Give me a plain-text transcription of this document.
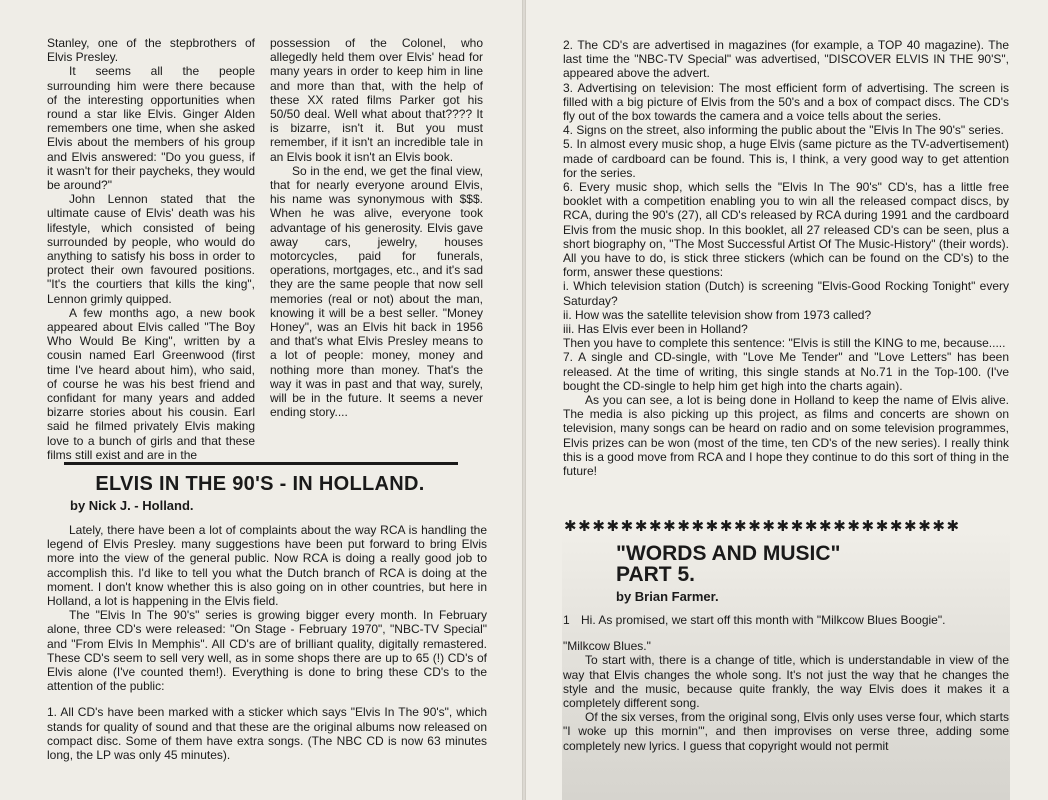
Stanley, one of the stepbrothers of Elvis Presley.

It seems all the people surrounding him were there because of the interesting opportunities when round a star like Elvis. Ginger Alden remembers one time, when she asked Elvis about the members of his group and Elvis answered: "Do you guess, if it wasn't for their paycheks, they would be around?"

John Lennon stated that the ultimate cause of Elvis' death was his lifestyle, which consisted of being surrounded by people, who would do anything to satisfy his boss in order to protect their own favoured positions. "It's the courtiers that kills the king", Lennon grimly quipped.

A few months ago, a new book appeared about Elvis called "The Boy Who Would Be King", written by a cousin named Earl Greenwood (first time I've heard about him), who said, of course he was his best friend and confidant for many years and added bizarre stories about his cousin. Earl said he filmed privately Elvis making love to a bunch of girls and that these films still exist and are in the

possession of the Colonel, who allegedly held them over Elvis' head for many years in order to keep him in line and more than that, with the help of these XX rated films Parker got his 50/50 deal. Well what about that???? It is bizarre, isn't it. But you must remember, if it isn't an incredible tale in an Elvis book it isn't an Elvis book.

So in the end, we get the final view, that for nearly everyone around Elvis, his name was synonymous with $$$. When he was alive, everyone took advantage of his generosity. Elvis gave away cars, jewelry, houses motorcycles, paid for funerals, operations, mortgages, etc., and it's sad they are the same people that now sell memories (real or not) about the man, knowing it will be a best seller. "Money Honey", was an Elvis hit back in 1956 and that's what Elvis Presley means to a lot of people: money, money and nothing more than money. That's the way it was in past and that way, surely, will be in the future. It seems a never ending story....

ELVIS IN THE 90'S - IN HOLLAND.

by Nick J. - Holland.

Lately, there have been a lot of complaints about the way RCA is handling the legend of Elvis Presley. many suggestions have been put forward to bring Elvis more into the view of the general public. Now RCA is doing a really good job to accomplish this. I'd like to tell you what the Dutch branch of RCA is doing at the moment. I don't know whether this is also going on in other countries, but here in Holland, a lot is happening in the Elvis field.

The "Elvis In The 90's" series is growing bigger every month. In February alone, three CD's were released: "On Stage - February 1970", "NBC-TV Special" and "From Elvis In Memphis". All CD's are of brilliant quality, digitally remastered. These CD's seem to sell very well, as in some shops there are up to 65 (!) CD's of Elvis alone (I've counted them!). Everything is done to bring these CD's to the attention of the public:

1. All CD's have been marked with a sticker which says "Elvis In The 90's", which stands for quality of sound and that these are the original albums now released on compact disc. Some of them have extra songs. (The NBC CD is now 63 minutes long, the LP was only 45 minutes).

2. The CD's are advertised in magazines (for example, a TOP 40 magazine). The last time the "NBC-TV Special" was advertised, "DISCOVER ELVIS IN THE 90'S", appeared above the advert.

3. Advertising on television: The most efficient form of advertising. The screen is filled with a big picture of Elvis from the 50's and a box of compact discs. The CD's fly out of the box towards the camera and a voice tells about the series.

4. Signs on the street, also informing the public about the "Elvis In The 90's" series.

5. In almost every music shop, a huge Elvis (same picture as the TV-advertisement) made of cardboard can be found. This is, I think, a very good way to get attention for the series.

6. Every music shop, which sells the "Elvis In The 90's" CD's, has a little free booklet with a competition enabling you to win all the released compact discs, by RCA, during the 90's (27), all CD's released by RCA during 1991 and the cardboard Elvis from the music shop. In this booklet, all 27 released CD's can be seen, plus a short biography on, "The Most Successful Artist Of The Music-History" (their words). All you have to do, is stick three stickers (which can be found on the CD's) to the form, answer these questions:

i. Which television station (Dutch) is screening "Elvis-Good Rocking Tonight" every Saturday?

ii. How was the satellite television show from 1973 called?

iii. Has Elvis ever been in Holland?

Then you have to complete this sentence: "Elvis is still the KING to me, because.....

7. A single and CD-single, with "Love Me Tender" and "Love Letters" has been released. At the time of writing, this single stands at No.71 in the Top-100. (I've bought the CD-single to help him get high into the charts again).

As you can see, a lot is being done in Holland to keep the name of Elvis alive. The media is also picking up this project, as films and concerts are shown on television, many songs can be heard on radio and on some television programmes, Elvis prizes can be won (most of the time, ten CD's of the new series). I really think this is a good move from RCA and I hope they continue to do this sort of thing in the future!

✱✱✱✱✱✱✱✱✱✱✱✱✱✱✱✱✱✱✱✱✱✱✱✱✱✱✱✱
"WORDS AND MUSIC"
PART 5.

by Brian Farmer.

1 Hi. As promised, we start off this month with "Milkcow Blues Boogie".

"Milkcow Blues."

To start with, there is a change of title, which is understandable in view of the way that Elvis changes the whole song. It's not just the way that he changes the style and the music, because quite frankly, the way Elvis does it makes it a completely different song.

Of the six verses, from the original song, Elvis only uses verse four, which starts "I woke up this mornin'", and then improvises on verse three, adding some completely new lyrics. I guess that copyright would not permit
